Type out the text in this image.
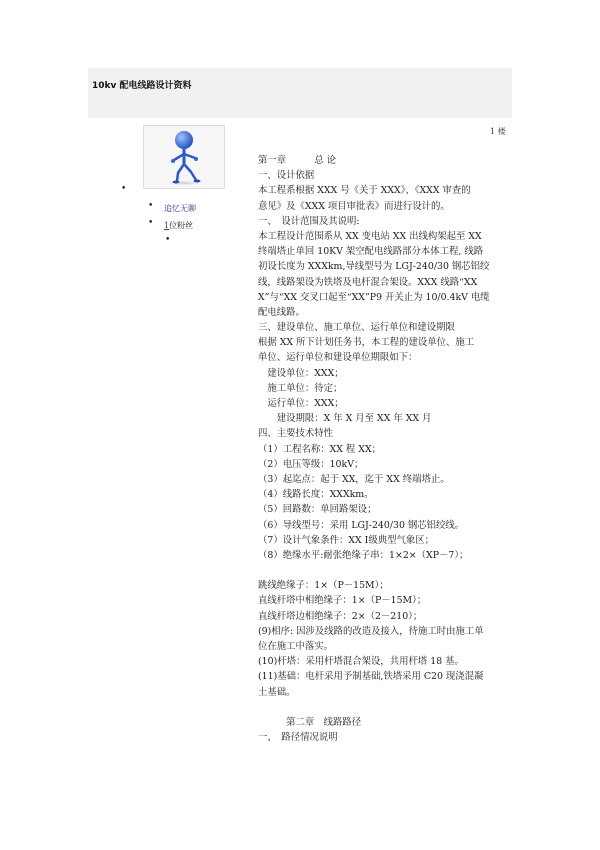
10kv 配电线路设计资料
1 楼
•
• 追忆无聊
• 1位粉丝
•
第一章　　　总 论
一、设计依据
本工程系根据 XXX 号《关于 XXX》、《XXX 审查的
意见》及《XXX 项目审批表》而进行设计的。
一、　设计范围及其说明:
本工程设计范围系从 XX 变电站 XX 出线构架起至 XX
终端塔止单回 10KV 架空配电线路部分本体工程, 线路
初设长度为 XXXkm,导线型号为 LGJ-240/30 钢芯铝绞
线，线路架设为铁塔及电杆混合架设。XXX 线路“XX
X”与“XX 交叉口起至“XX”P9 开关止为 10/0.4kV 电缆
配电线路。
三、建设单位、施工单位、运行单位和建设期限
根据 XX 所下计划任务书，本工程的建设单位、施工
单位、运行单位和建设单位期限如下：
　建设单位：XXX；
　施工单位：待定；
　运行单位：XXX；
　　建设期限：X 年 X 月至 XX 年 XX 月
四、主要技术特性
（1）工程名称：XX 程 XX；
（2）电压等级：10kV；
（3）起迄点：起于 XX，迄于 XX 终端塔止。
（4）线路长度：XXXkm。
（5）回路数：单回路架设；
（6）导线型号：采用 LGJ-240/30 钢芯铝绞线。
（7）设计气象条件：XX Ⅰ级典型气象区；
（8）绝缘水平:耐张绝缘子串：1×2×（XP－7）；
跳线绝缘子：1×（P－15M）；
直线杆塔中相绝缘子：1×（P－15M）；
直线杆塔边相绝缘子：2×（2－210）；
(9)相序: 因涉及线路的改造及接入，待施工时由施工单
位在施工中落实。
(10)杆塔：采用杆塔混合架设，共用杆塔 18 基。
(11)基础：电杆采用予制基础,铁塔采用 C20 现浇混凝
土基础。
　　　第二章　线路路径
一、　路径情况说明
